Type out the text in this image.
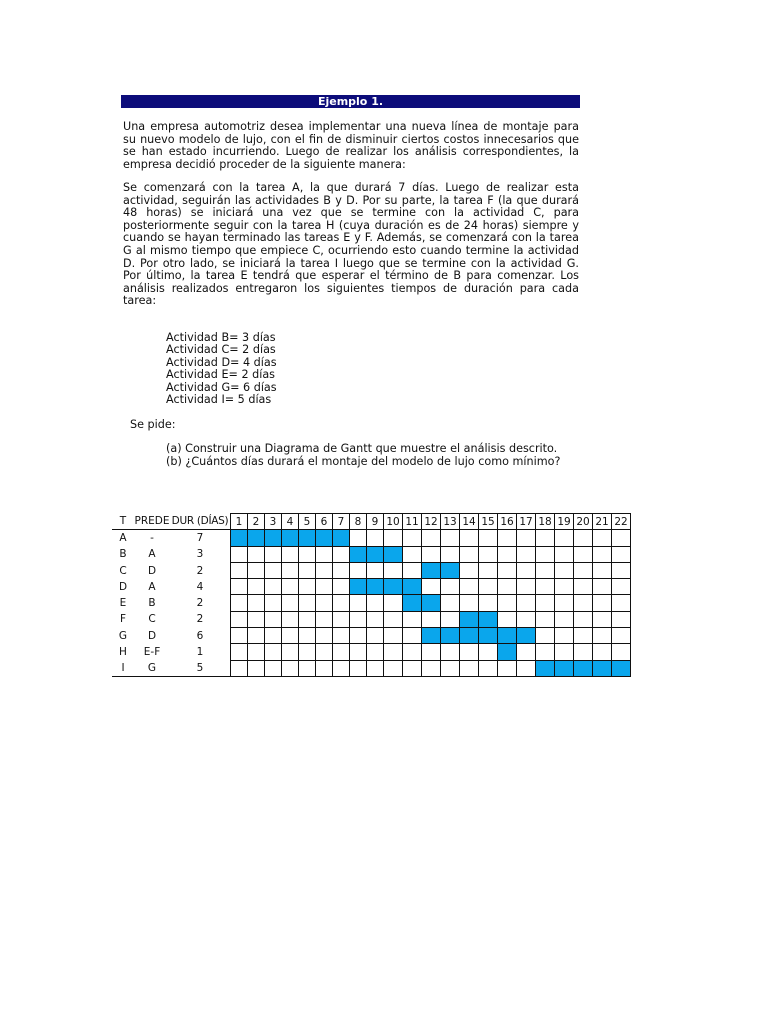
Ejemplo 1.

Una empresa automotriz desea implementar una nueva línea de montaje para su nuevo modelo de lujo, con el fin de disminuir ciertos costos innecesarios que se han estado incurriendo. Luego de realizar los análisis correspondientes, la empresa decidió proceder de la siguiente manera:

Se comenzará con la tarea A, la que durará 7 días. Luego de realizar esta actividad, seguirán las actividades B y D. Por su parte, la tarea F (la que durará 48 horas) se iniciará una vez que se termine con la actividad C, para posteriormente seguir con la tarea H (cuya duración es de 24 horas) siempre y cuando se hayan terminado las tareas E y F. Además, se comenzará con la tarea G al mismo tiempo que empiece C, ocurriendo esto cuando termine la actividad D. Por otro lado, se iniciará la tarea I luego que se termine con la actividad G. Por último, la tarea E tendrá que esperar el término de B para comenzar. Los análisis realizados entregaron los siguientes tiempos de duración para cada tarea:

Actividad B= 3 días
Actividad C= 2 días
Actividad D= 4 días
Actividad E= 2 días
Actividad G= 6 días
Actividad I= 5 días
Se pide:
(a) Construir una Diagrama de Gantt que muestre el análisis descrito.
(b) ¿Cuántos días durará el montaje del modelo de lujo como mínimo?
T	PREDE	DUR (DÍAS)	1	2	3	4	5	6	7	8	9	10	11	12	13	14	15	16	17	18	19	20	21	22
A	-	7																						
B	A	3																						
C	D	2																						
D	A	4																						
E	B	2																						
F	C	2																						
G	D	6																						
H	E-F	1																						
I	G	5																						
